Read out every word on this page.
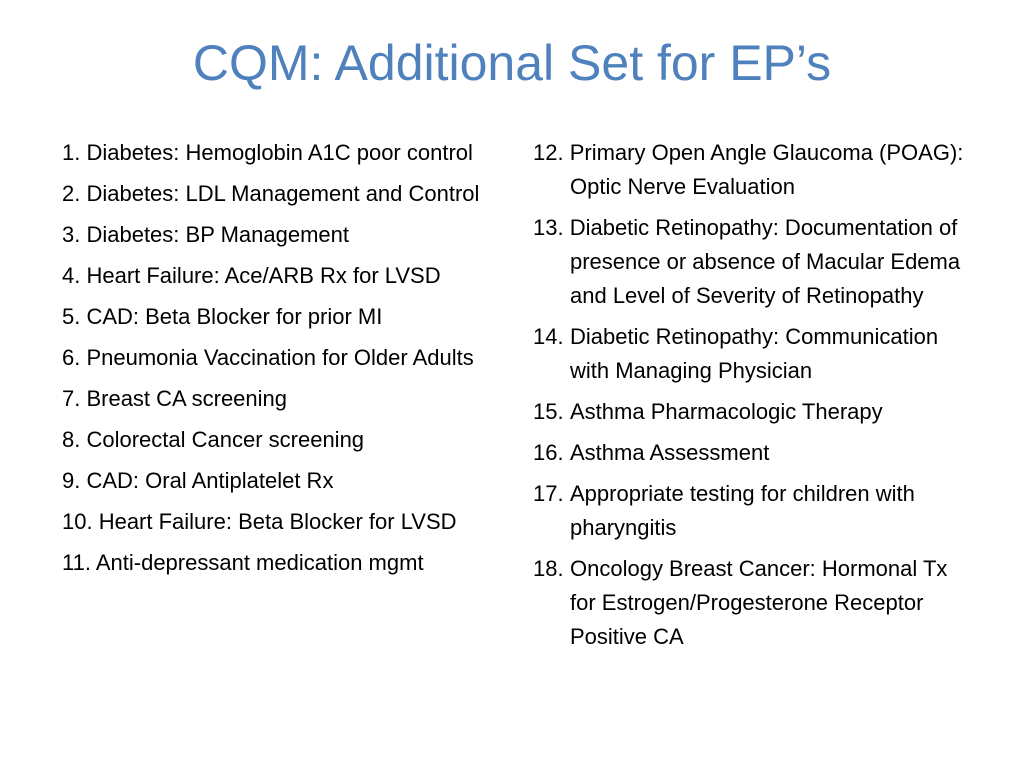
CQM: Additional Set for EP’s
1. Diabetes: Hemoglobin A1C poor control
2. Diabetes: LDL Management and Control
3. Diabetes: BP Management
4. Heart Failure: Ace/ARB Rx for LVSD
5. CAD: Beta Blocker for prior MI
6. Pneumonia Vaccination for Older Adults
7. Breast CA screening
8. Colorectal Cancer screening
9. CAD: Oral Antiplatelet Rx
10. Heart Failure: Beta Blocker for LVSD
11. Anti-depressant medication mgmt
12. Primary Open Angle Glaucoma (POAG): Optic Nerve Evaluation
13. Diabetic Retinopathy: Documentation of presence or absence of Macular Edema and Level of Severity of Retinopathy
14. Diabetic Retinopathy: Communication with Managing Physician
15. Asthma Pharmacologic Therapy
16. Asthma Assessment
17. Appropriate testing for children with pharyngitis
18. Oncology Breast Cancer: Hormonal Tx for Estrogen/Progesterone Receptor Positive CA
